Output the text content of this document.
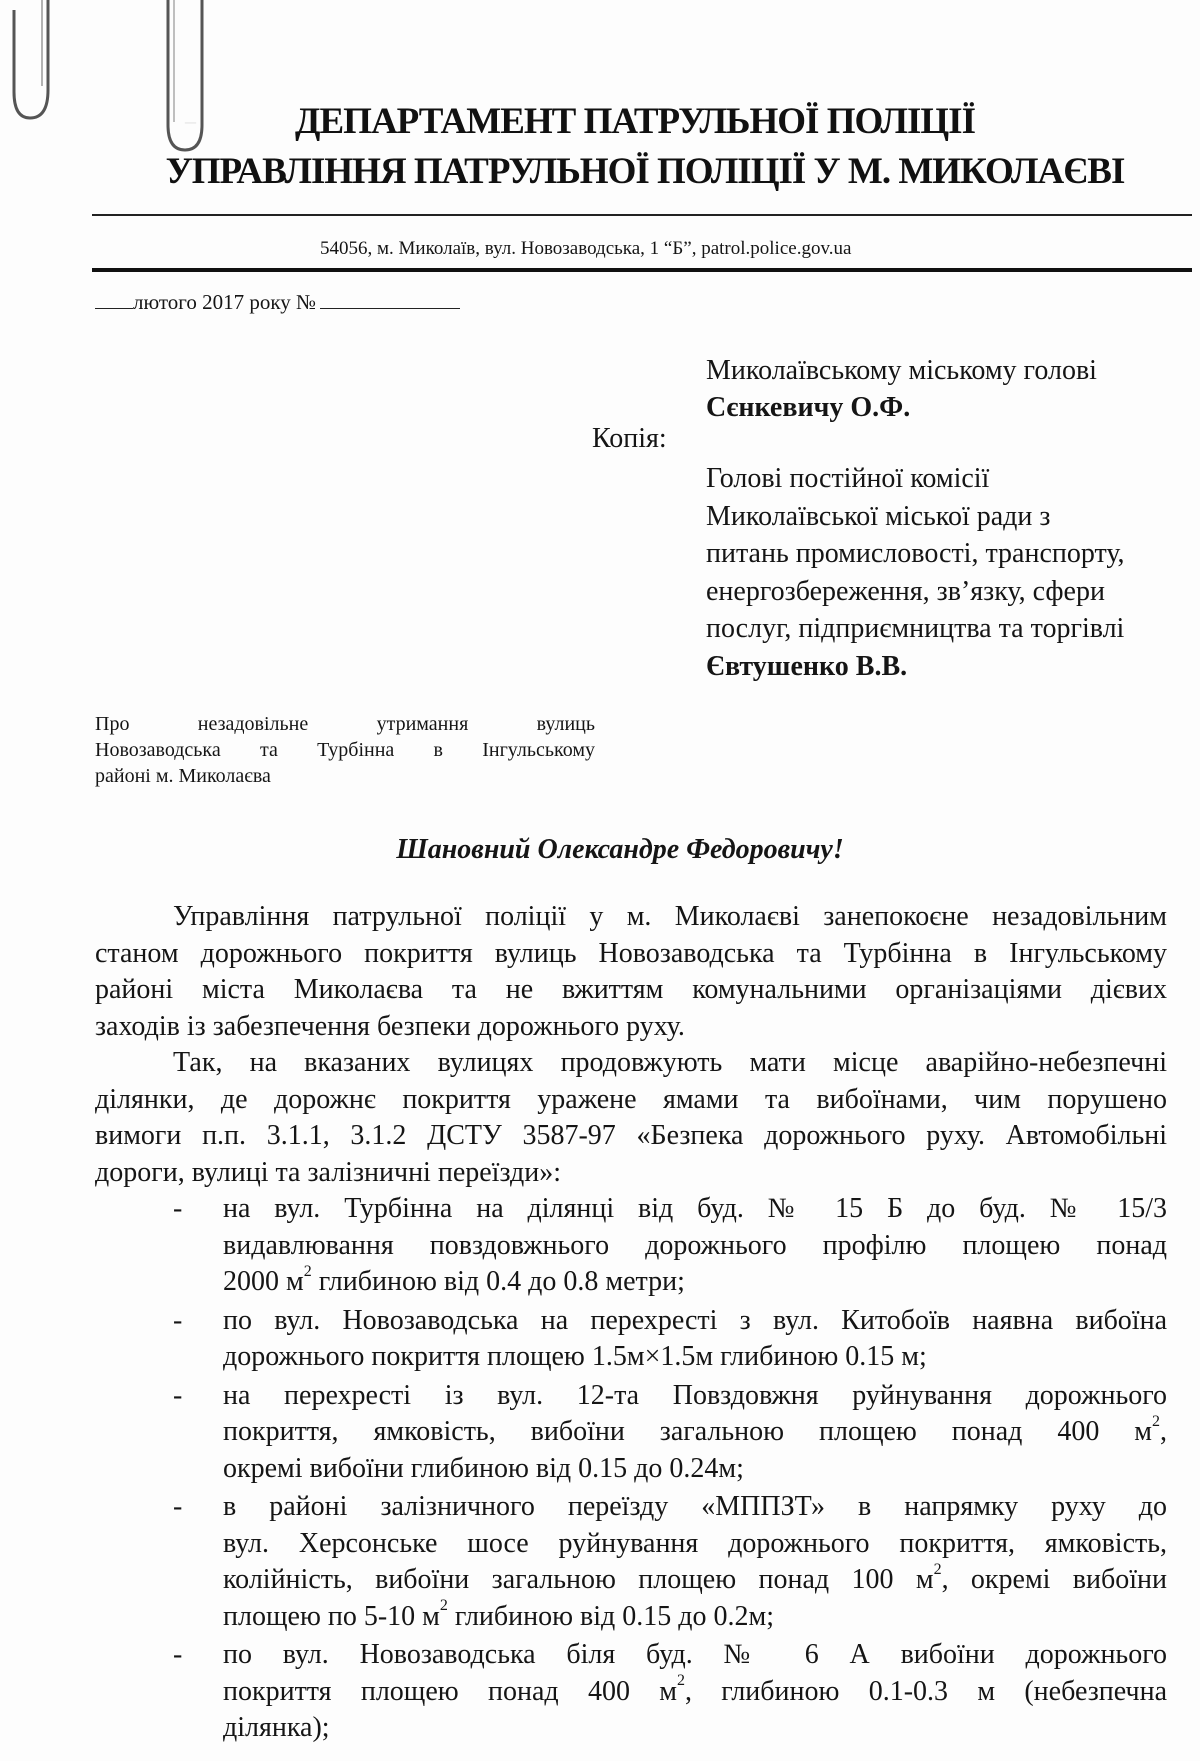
–	ДЕПАРТАМЕНТ ПАТРУЛЬНОЇ ПОЛІЦІЇ
УПРАВЛІННЯ ПАТРУЛЬНОЇ ПОЛІЦІЇ У М. МИКОЛАЄВІ
54056, м. Миколаїв, вул. Новозаводська, 1 “Б”, patrol.police.gov.ua
лютого 2017 року №
Миколаївському міському голові
Сєнкевичу О.Ф.
Копія:
Голові постійної комісії
Миколаївської міської ради з
питань промисловості, транспорту,
енергозбереження, зв’язку, сфери
послуг, підприємництва та торгівлі
Євтушенко В.В.
Про незадовільне утримання вулиць
Новозаводська та Турбінна в Інгульському
районі м. Миколаєва
Шановний Олександре Федоровичу!
Управління патрульної поліції у м. Миколаєві занепокоєне незадовільним
станом дорожнього покриття вулиць Новозаводська та Турбінна в Інгульському
районі міста Миколаєва та не вжиттям комунальними організаціями дієвих
заходів із забезпечення безпеки дорожнього руху.
Так, на вказаних вулицях продовжують мати місце аварійно-небезпечні
ділянки, де дорожнє покриття уражене ямами та вибоїнами, чим порушено
вимоги п.п. 3.1.1, 3.1.2 ДСТУ 3587-97 «Безпека дорожнього руху. Автомобільні
дороги, вулиці та залізничні переїзди»:
- на вул. Турбінна на ділянці від буд. № 15 Б до буд. № 15/3
видавлювання повздовжнього дорожнього профілю площею понад
2000 $м^2$ глибиною від 0.4 до 0.8 метри;
- по вул. Новозаводська на перехресті з вул. Китобоїв наявна вибоїна
дорожнього покриття площею 1.5м×1.5м глибиною 0.15 м;
- на перехресті із вул. 12-та Повздовжня руйнування дорожнього
покриття, ямковість, вибоїни загальною площею понад 400 $м^2$,
окремі вибоїни глибиною від 0.15 до 0.24м;
- в районі залізничного переїзду «МППЗТ» в напрямку руху до
вул. Херсонське шосе руйнування дорожнього покриття, ямковість,
колійність, вибоїни загальною площею понад 100 $м^2$, окремі вибоїни
площею по 5-10 $м^2$ глибиною від 0.15 до 0.2м;
- по вул. Новозаводська біля буд. № 6 А вибоїни дорожнього
покриття площею понад 400 $м^2$, глибиною 0.1-0.3 м (небезпечна
ділянка);
